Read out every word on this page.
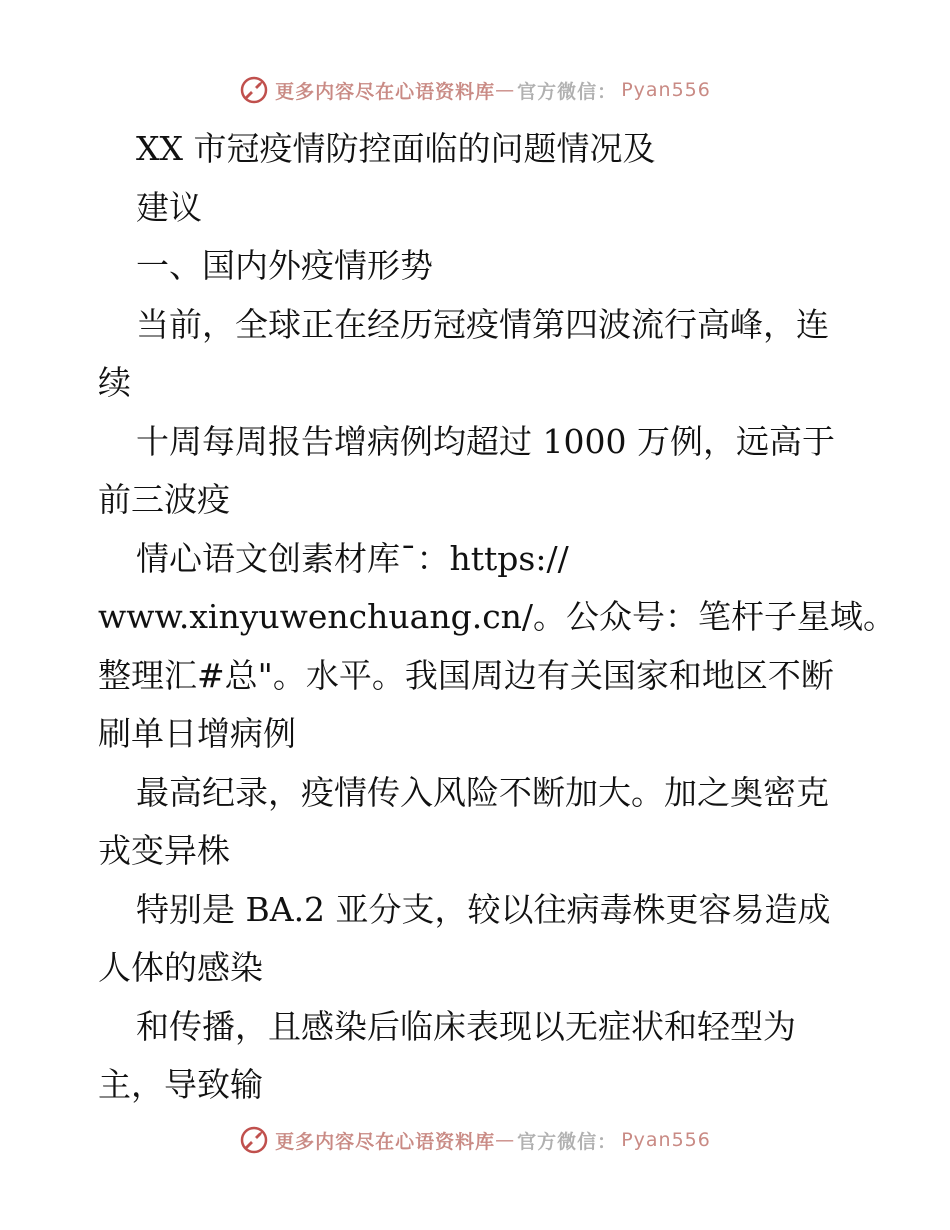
更多内容尽在心语资料库 — 官方微信： Pyan556
XX 市冠疫情防控面临的问题情况及
建议
一、国内外疫情形势
当前，全球正在经历冠疫情第四波流行高峰，连
续
十周每周报告增病例均超过 1000 万例，远高于
前三波疫
情心语文创素材库¯：https://
www.xinyuwenchuang.cn/。公众号：笔杆子星域。
整理汇#总"。水平。我国周边有关国家和地区不断
刷单日增病例
最高纪录，疫情传入风险不断加大。加之奥密克
戎变异株
特别是 BA.2 亚分支，较以往病毒株更容易造成
人体的感染
和传播，且感染后临床表现以无症状和轻型为
主，导致输
更多内容尽在心语资料库 — 官方微信： Pyan556
